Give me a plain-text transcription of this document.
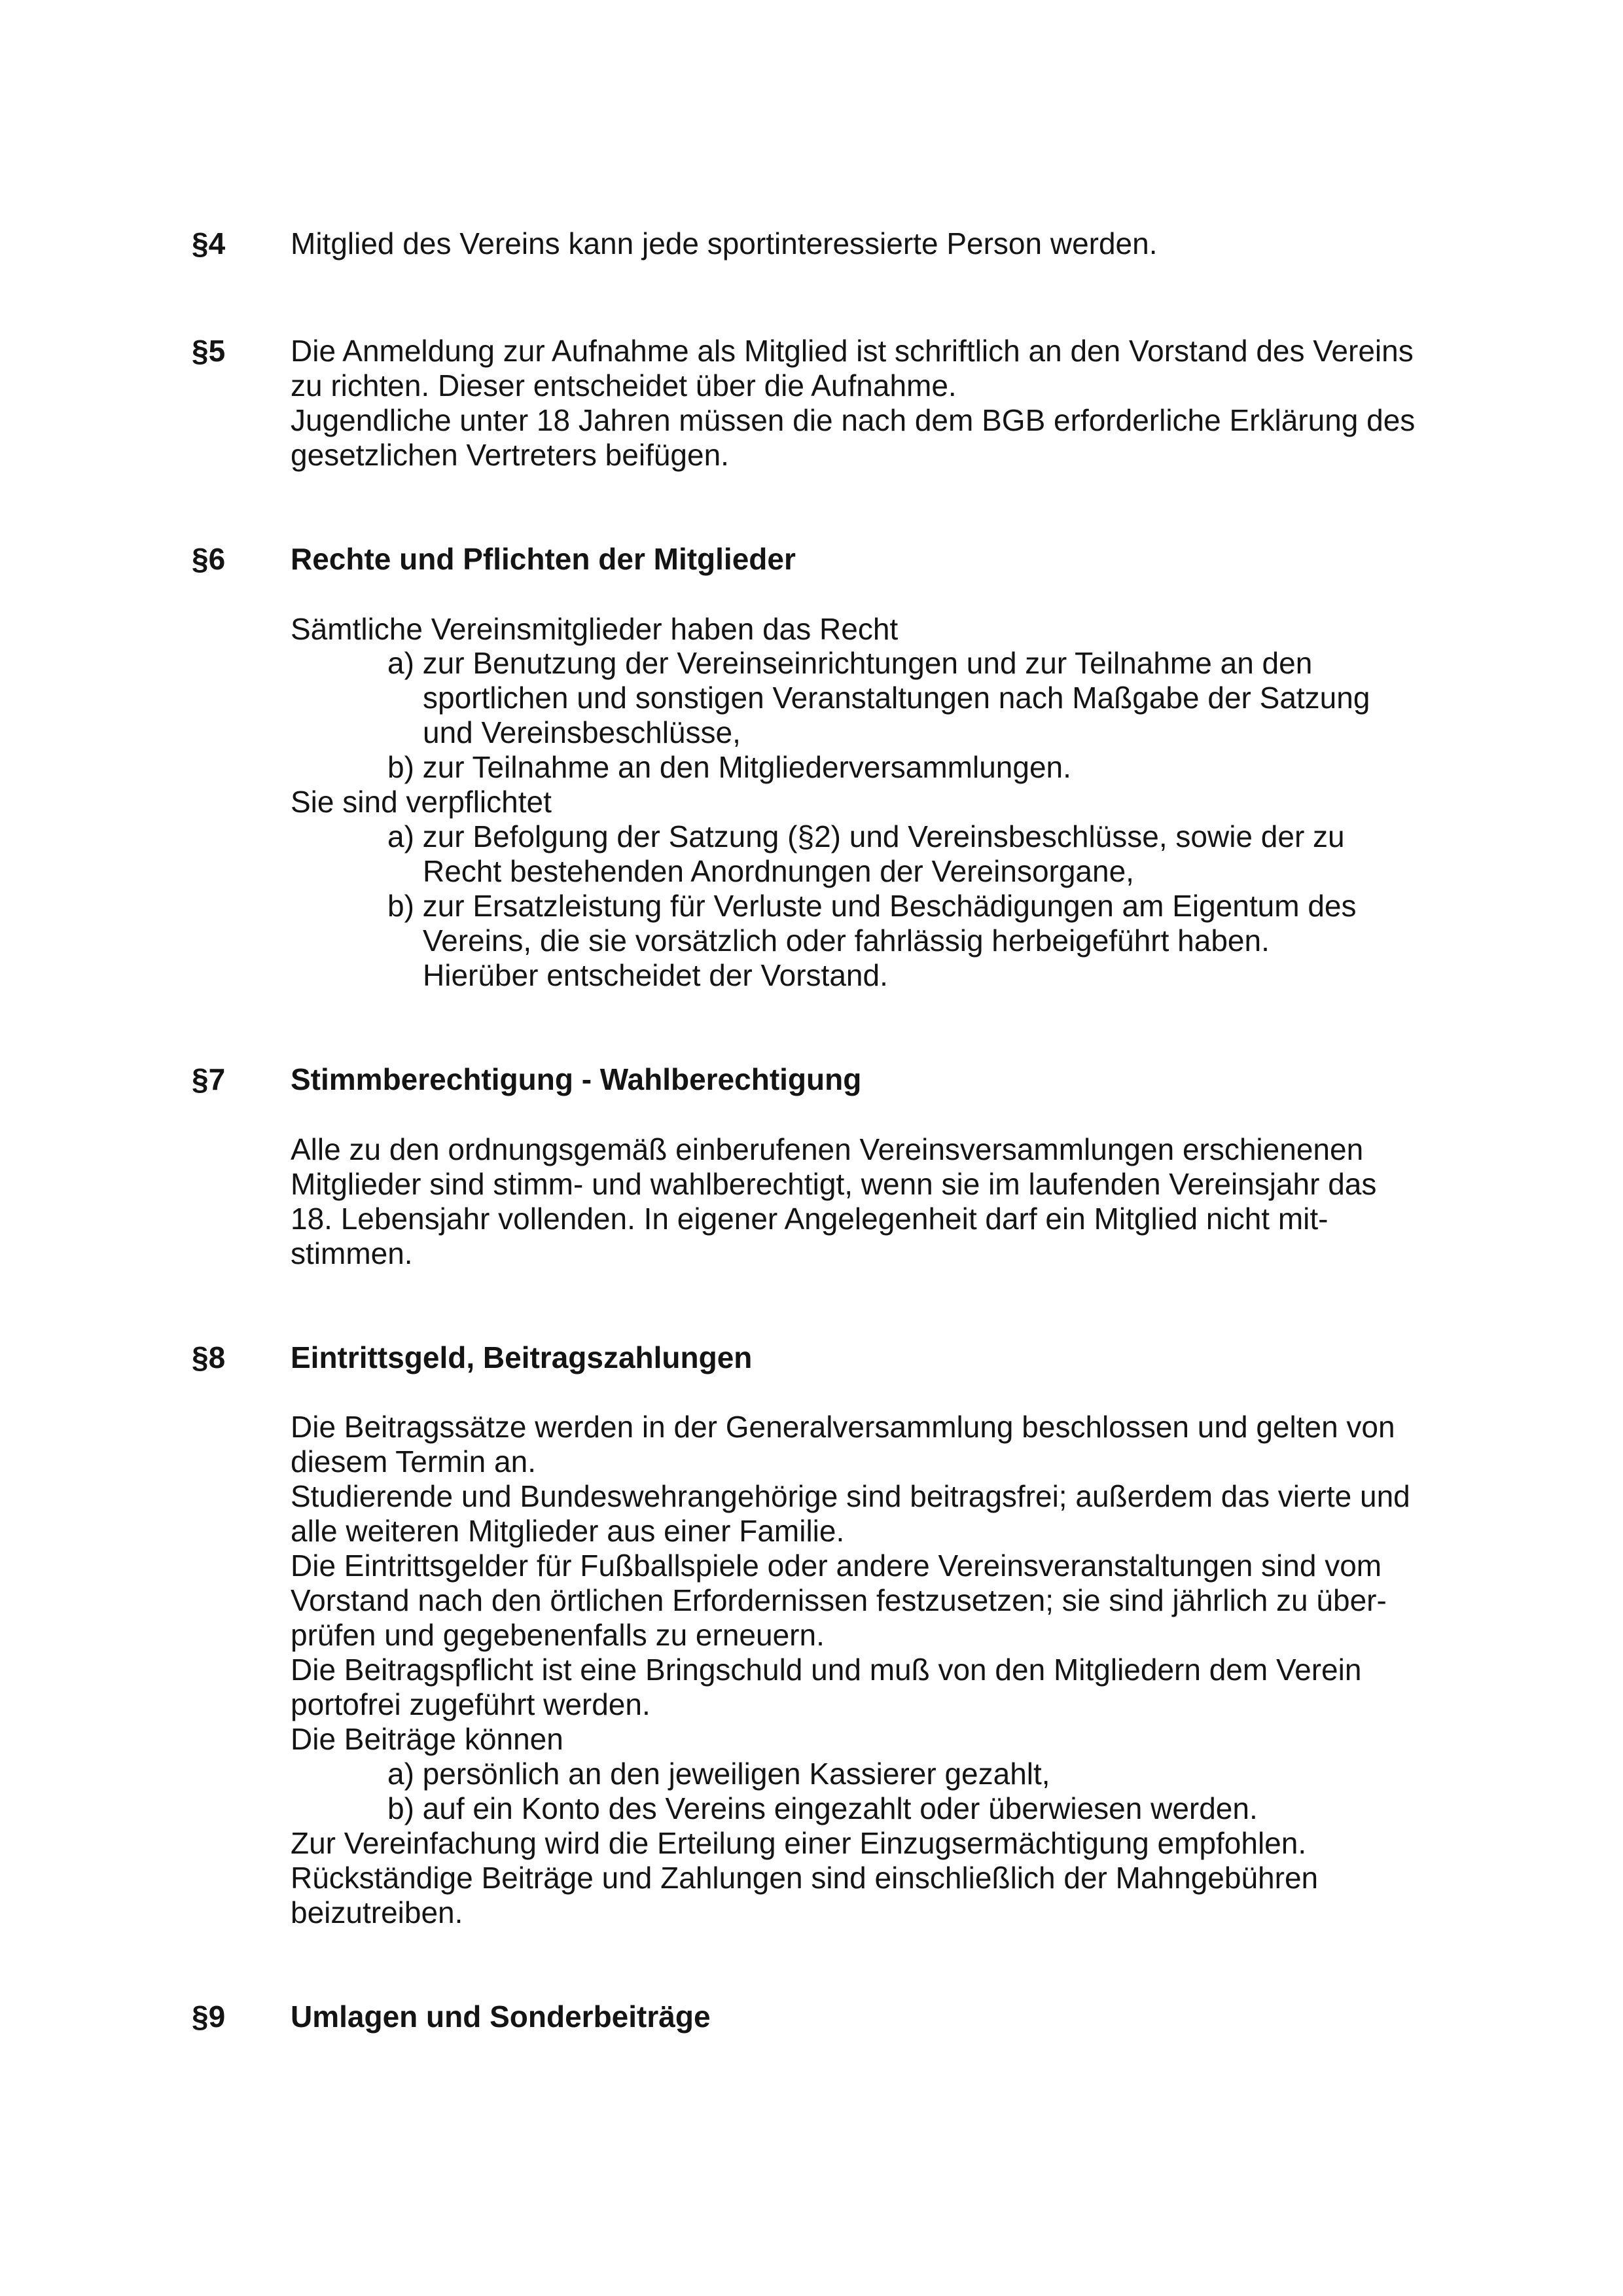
§4 Mitglied des Vereins kann jede sportinteressierte Person werden.
§5 Die Anmeldung zur Aufnahme als Mitglied ist schriftlich an den Vorstand des Vereins
zu richten. Dieser entscheidet über die Aufnahme.
Jugendliche unter 18 Jahren müssen die nach dem BGB erforderliche Erklärung des
gesetzlichen Vertreters beifügen.
§6 Rechte und Pflichten der Mitglieder
Sämtliche Vereinsmitglieder haben das Recht
a) zur Benutzung der Vereinseinrichtungen und zur Teilnahme an den
sportlichen und sonstigen Veranstaltungen nach Maßgabe der Satzung
und Vereinsbeschlüsse,
b) zur Teilnahme an den Mitgliederversammlungen.
Sie sind verpflichtet
a) zur Befolgung der Satzung (§2) und Vereinsbeschlüsse, sowie der zu
Recht bestehenden Anordnungen der Vereinsorgane,
b) zur Ersatzleistung für Verluste und Beschädigungen am Eigentum des
Vereins, die sie vorsätzlich oder fahrlässig herbeigeführt haben.
Hierüber entscheidet der Vorstand.
§7 Stimmberechtigung - Wahlberechtigung
Alle zu den ordnungsgemäß einberufenen Vereinsversammlungen erschienenen
Mitglieder sind stimm- und wahlberechtigt, wenn sie im laufenden Vereinsjahr das
18. Lebensjahr vollenden. In eigener Angelegenheit darf ein Mitglied nicht mit-
stimmen.
§8 Eintrittsgeld, Beitragszahlungen
Die Beitragssätze werden in der Generalversammlung beschlossen und gelten von
diesem Termin an.
Studierende und Bundeswehrangehörige sind beitragsfrei; außerdem das vierte und
alle weiteren Mitglieder aus einer Familie.
Die Eintrittsgelder für Fußballspiele oder andere Vereinsveranstaltungen sind vom
Vorstand nach den örtlichen Erfordernissen festzusetzen; sie sind jährlich zu über-
prüfen und gegebenenfalls zu erneuern.
Die Beitragspflicht ist eine Bringschuld und muß von den Mitgliedern dem Verein
portofrei zugeführt werden.
Die Beiträge können
a) persönlich an den jeweiligen Kassierer gezahlt,
b) auf ein Konto des Vereins eingezahlt oder überwiesen werden.
Zur Vereinfachung wird die Erteilung einer Einzugsermächtigung empfohlen.
Rückständige Beiträge und Zahlungen sind einschließlich der Mahngebühren
beizutreiben.
§9 Umlagen und Sonderbeiträge
